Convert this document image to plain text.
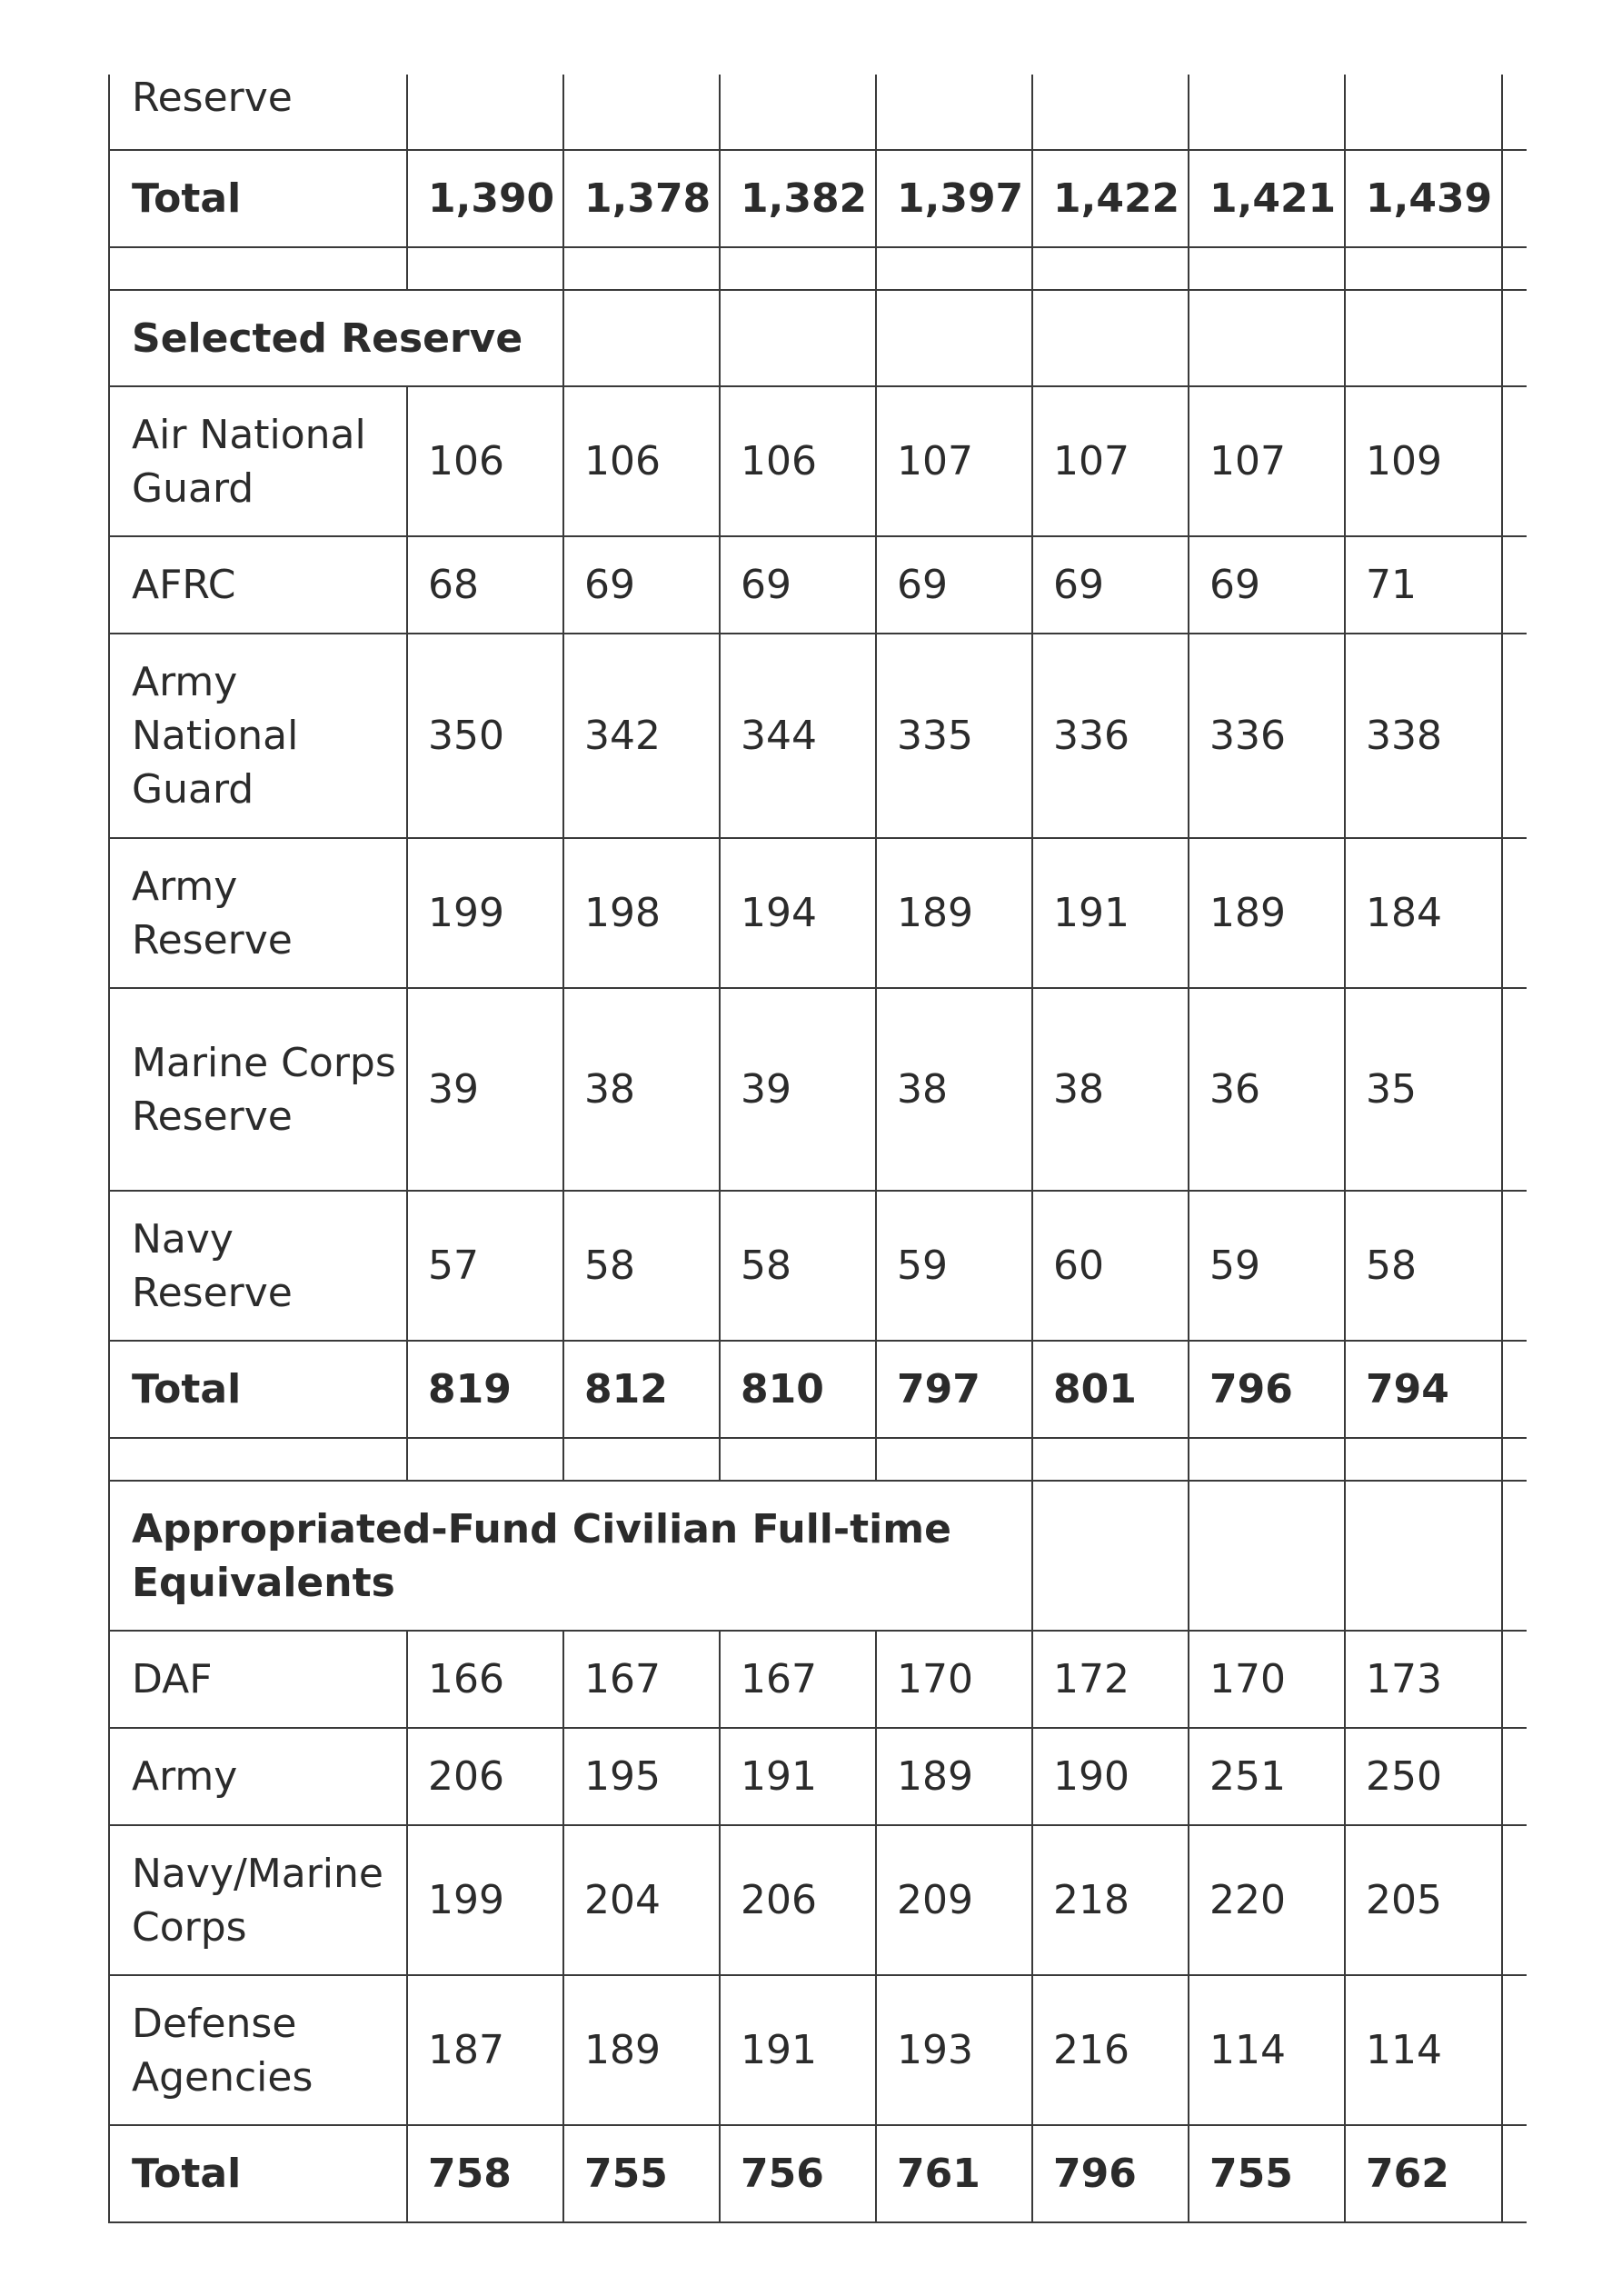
Reserve								
Total	1,390	1,378	1,382	1,397	1,422	1,421	1,439	

Selected Reserve								
Air National Guard	106	106	106	107	107	107	109	
AFRC	68	69	69	69	69	69	71	
Army National Guard	350	342	344	335	336	336	338	
Army Reserve	199	198	194	189	191	189	184	
Marine Corps Reserve	39	38	39	38	38	36	35	
Navy Reserve	57	58	58	59	60	59	58	
Total	819	812	810	797	801	796	794	

Appropriated-Fund Civilian Full-time Equivalents								
DAF	166	167	167	170	172	170	173	
Army	206	195	191	189	190	251	250	
Navy/Marine Corps	199	204	206	209	218	220	205	
Defense Agencies	187	189	191	193	216	114	114	
Total	758	755	756	761	796	755	762	
